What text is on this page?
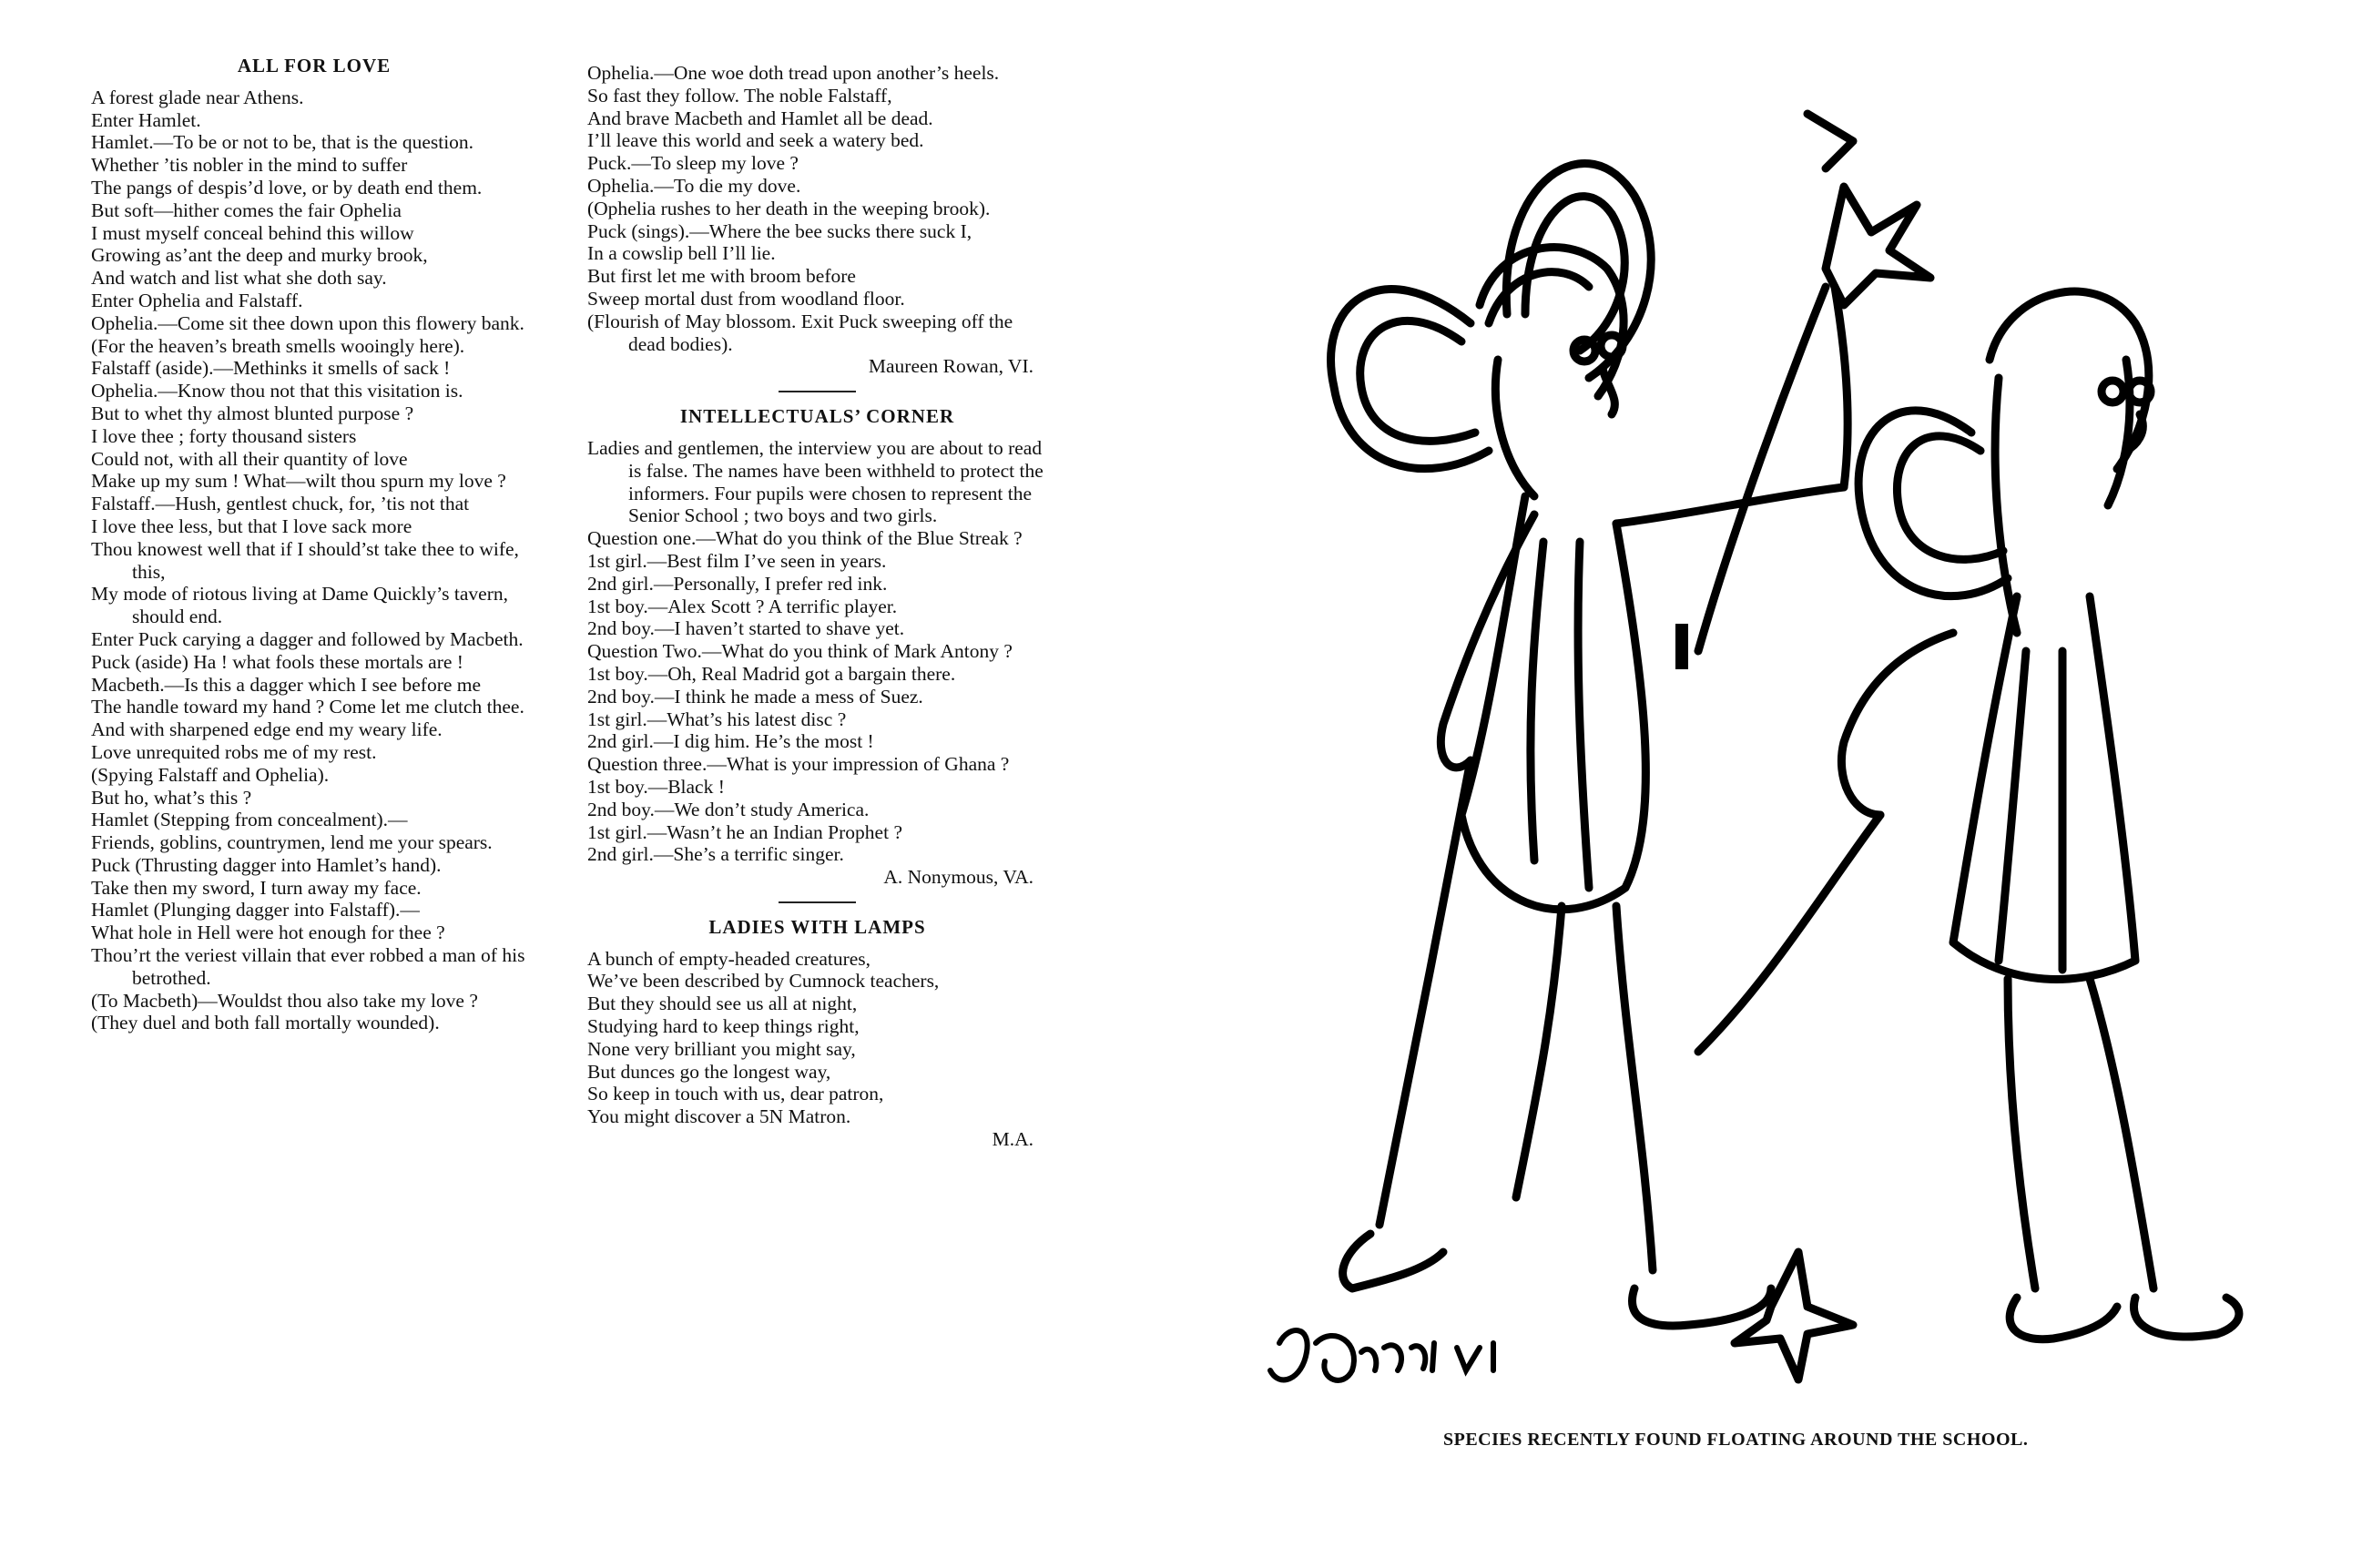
ALL FOR LOVE
A forest glade near Athens.
Enter Hamlet.
Hamlet.—To be or not to be, that is the question.
Whether ’tis nobler in the mind to suffer
The pangs of despis’d love, or by death end them.
But soft—hither comes the fair Ophelia
I must myself conceal behind this willow
Growing as’ant the deep and murky brook,
And watch and list what she doth say.
Enter Ophelia and Falstaff.
Ophelia.—Come sit thee down upon this flowery bank.
(For the heaven’s breath smells wooingly here).
Falstaff (aside).—Methinks it smells of sack !
Ophelia.—Know thou not that this visitation is.
But to whet thy almost blunted purpose ?
I love thee ; forty thousand sisters
Could not, with all their quantity of love
Make up my sum ! What—wilt thou spurn my love ?
Falstaff.—Hush, gentlest chuck, for, ’tis not that
I love thee less, but that I love sack more
Thou knowest well that if I should’st take thee to wife, this,
My mode of riotous living at Dame Quickly’s tavern, should end.
Enter Puck carying a dagger and followed by Macbeth.
Puck (aside) Ha ! what fools these mortals are !
Macbeth.—Is this a dagger which I see before me
The handle toward my hand ? Come let me clutch thee.
And with sharpened edge end my weary life.
Love unrequited robs me of my rest.
(Spying Falstaff and Ophelia).
But ho, what’s this ?
Hamlet (Stepping from concealment).—
Friends, goblins, countrymen, lend me your spears.
Puck (Thrusting dagger into Hamlet’s hand).
Take then my sword, I turn away my face.
Hamlet (Plunging dagger into Falstaff).—
What hole in Hell were hot enough for thee ?
Thou’rt the veriest villain that ever robbed a man of his betrothed.
(To Macbeth)—Wouldst thou also take my love ?
(They duel and both fall mortally wounded).
Ophelia.—One woe doth tread upon another’s heels.
So fast they follow. The noble Falstaff,
And brave Macbeth and Hamlet all be dead.
I’ll leave this world and seek a watery bed.
Puck.—To sleep my love ?
Ophelia.—To die my dove.
(Ophelia rushes to her death in the weeping brook).
Puck (sings).—Where the bee sucks there suck I,
In a cowslip bell I’ll lie.
But first let me with broom before
Sweep mortal dust from woodland floor.
(Flourish of May blossom. Exit Puck sweeping off the dead bodies).
Maureen Rowan, VI.
INTELLECTUALS’ CORNER
Ladies and gentlemen, the interview you are about to read is false. The names have been withheld to protect the informers. Four pupils were chosen to represent the Senior School ; two boys and two girls.
Question one.—What do you think of the Blue Streak ?
1st girl.—Best film I’ve seen in years.
2nd girl.—Personally, I prefer red ink.
1st boy.—Alex Scott ? A terrific player.
2nd boy.—I haven’t started to shave yet.
Question Two.—What do you think of Mark Antony ?
1st boy.—Oh, Real Madrid got a bargain there.
2nd boy.—I think he made a mess of Suez.
1st girl.—What’s his latest disc ?
2nd girl.—I dig him. He’s the most !
Question three.—What is your impression of Ghana ?
1st boy.—Black !
2nd boy.—We don’t study America.
1st girl.—Wasn’t he an Indian Prophet ?
2nd girl.—She’s a terrific singer.
A. Nonymous, VA.
LADIES WITH LAMPS
A bunch of empty-headed creatures,
We’ve been described by Cumnock teachers,
But they should see us all at night,
Studying hard to keep things right,
None very brilliant you might say,
But dunces go the longest way,
So keep in touch with us, dear patron,
You might discover a 5N Matron.
M.A.
SPECIES RECENTLY FOUND FLOATING AROUND THE SCHOOL.
